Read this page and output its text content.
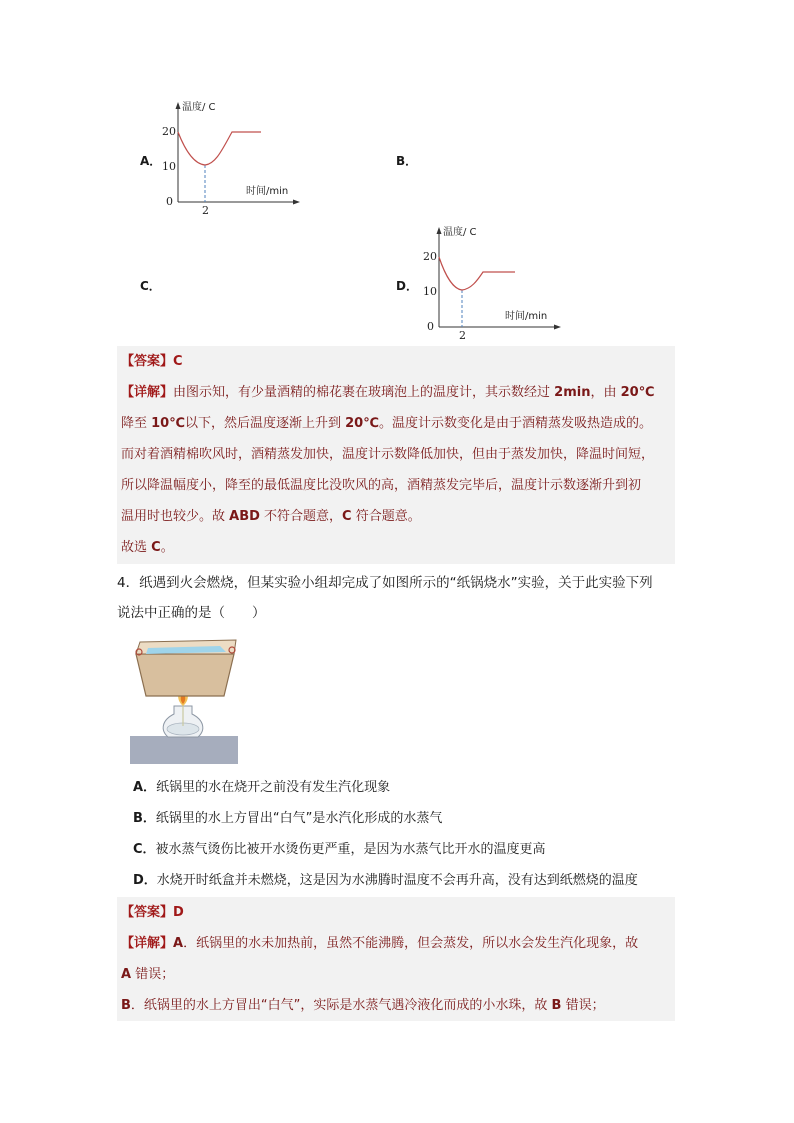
A．	B．
C．	D．
温度/ C
20
10
0
时间/min
2
温度/ C
20
10
0
时间/min
2
【答案】C
【详解】由图示知，有少量酒精的棉花裹在玻璃泡上的温度计，其示数经过 2min，由 20℃
降至 10℃以下，然后温度逐渐上升到 20℃。温度计示数变化是由于酒精蒸发吸热造成的。
而对着酒精棉吹风时，酒精蒸发加快，温度计示数降低加快，但由于蒸发加快，降温时间短，
所以降温幅度小，降至的最低温度比没吹风的高，酒精蒸发完毕后，温度计示数逐渐升到初
温用时也较少。故 ABD 不符合题意，C 符合题意。
故选 C。
4．纸遇到火会燃烧，但某实验小组却完成了如图所示的“纸锅烧水”实验，关于此实验下列
说法中正确的是（　　）
A．纸锅里的水在烧开之前没有发生汽化现象
B．纸锅里的水上方冒出“白气”是水汽化形成的水蒸气
C．被水蒸气烫伤比被开水烫伤更严重，是因为水蒸气比开水的温度更高
D．水烧开时纸盒并未燃烧，这是因为水沸腾时温度不会再升高，没有达到纸燃烧的温度
【答案】D
【详解】A．纸锅里的水未加热前，虽然不能沸腾，但会蒸发，所以水会发生汽化现象，故
A 错误；
B．纸锅里的水上方冒出“白气”，实际是水蒸气遇冷液化而成的小水珠，故 B 错误；
